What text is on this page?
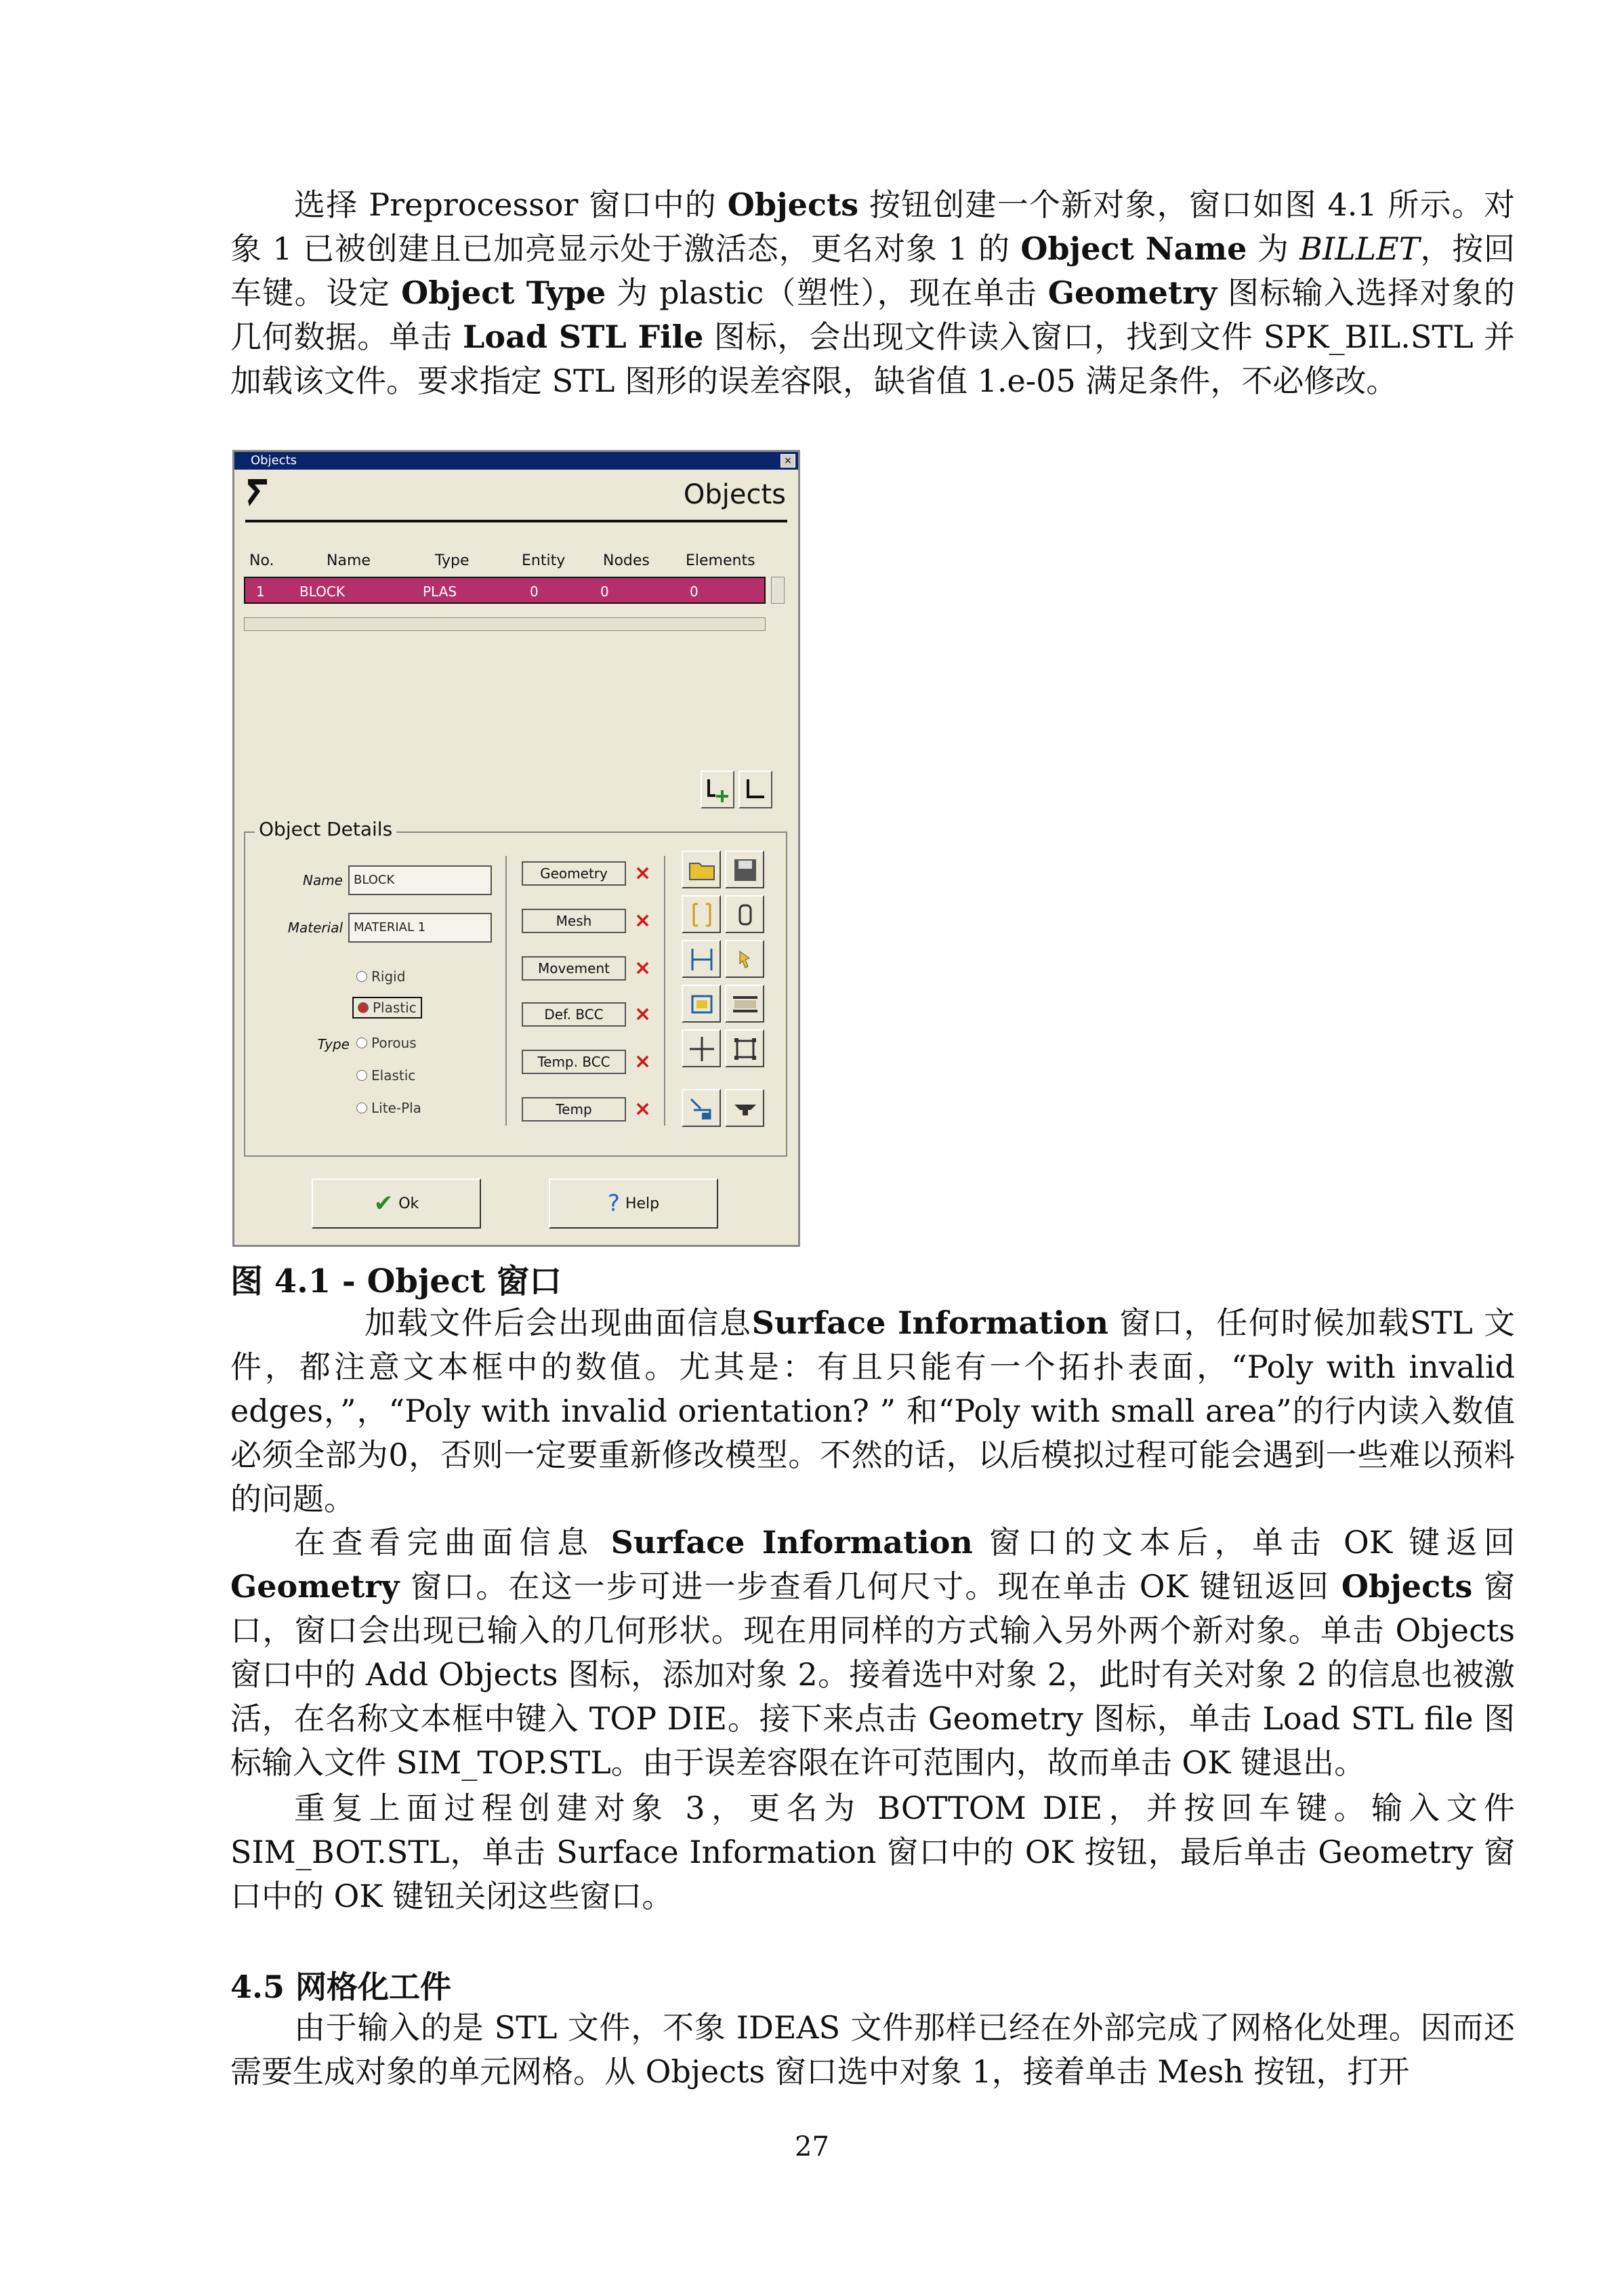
选择 Preprocessor 窗口中的 Objects 按钮创建一个新对象，窗口如图 4.1 所示。对象 1 已被创建且已加亮显示处于激活态，更名对象 1 的 Object Name 为 BILLET，按回车键。设定 Object Type 为 plastic（塑性），现在单击 Geometry 图标输入选择对象的几何数据。单击 Load STL File 图标，会出现文件读入窗口，找到文件 SPK_BIL.STL 并加载该文件。要求指定 STL 图形的误差容限，缺省值 1.e-05 满足条件，不必修改。

Objects	×
Objects
No.	Name	Type	Entity	Nodes Elements
1	BLOCK	PLAS	0	0	0
Object Details
Name BLOCK
Material MATERIAL 1
Rigid
Plastic
Type	Porous
Elastic
Lite-Pla
Geometry	×
Mesh	×
Movement	×
Def. BCC	×
Temp. BCC	×
Temp	×
✔ Ok	? Help

图 4.1 - Object 窗口

加载文件后会出现曲面信息Surface Information 窗口，任何时候加载STL 文件，都注意文本框中的数值。尤其是：有且只能有一个拓扑表面，“Poly with invalid edges，”，“Poly with invalid orientation? ” 和“Poly with small area”的行内读入数值必须全部为0，否则一定要重新修改模型。不然的话，以后模拟过程可能会遇到一些难以预料的问题。

在查看完曲面信息 Surface Information 窗口的文本后，单击 OK 键返回 Geometry 窗口。在这一步可进一步查看几何尺寸。现在单击 OK 键钮返回 Objects 窗口，窗口会出现已输入的几何形状。现在用同样的方式输入另外两个新对象。单击 Objects 窗口中的 Add Objects 图标，添加对象 2。接着选中对象 2，此时有关对象 2 的信息也被激活，在名称文本框中键入 TOP DIE。接下来点击 Geometry 图标，单击 Load STL file 图标输入文件 SIM_TOP.STL。由于误差容限在许可范围内，故而单击 OK 键退出。

重复上面过程创建对象 3，更名为 BOTTOM DIE，并按回车键。输入文件 SIM_BOT.STL，单击 Surface Information 窗口中的 OK 按钮，最后单击 Geometry 窗口中的 OK 键钮关闭这些窗口。

4.5 网格化工件

由于输入的是 STL 文件，不象 IDEAS 文件那样已经在外部完成了网格化处理。因而还需要生成对象的单元网格。从 Objects 窗口选中对象 1，接着单击 Mesh 按钮，打开

27
